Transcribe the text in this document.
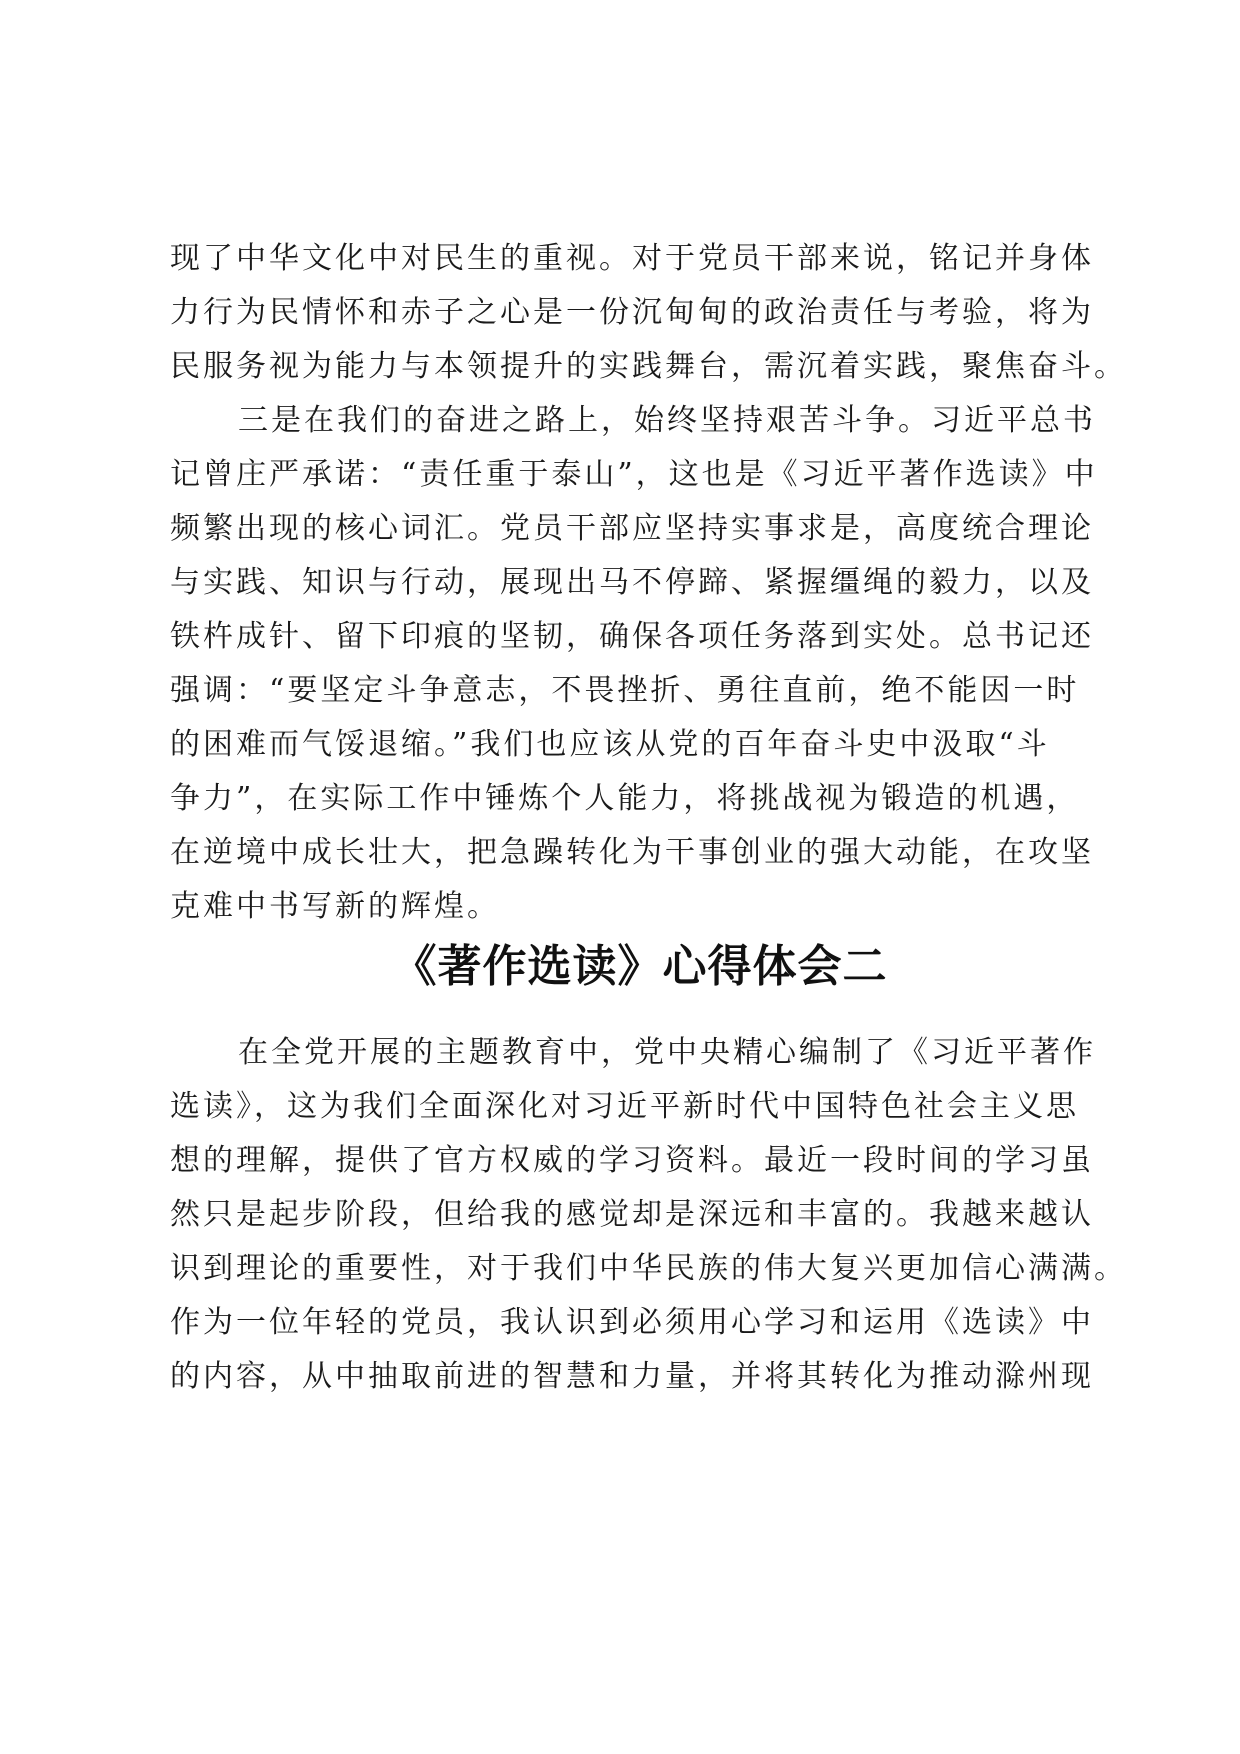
现了中华文化中对民生的重视。对于党员干部来说，铭记并身体
力行为民情怀和赤子之心是一份沉甸甸的政治责任与考验，将为
民服务视为能力与本领提升的实践舞台，需沉着实践，聚焦奋斗。
三是在我们的奋进之路上，始终坚持艰苦斗争。习近平总书
记曾庄严承诺：“责任重于泰山”，这也是《习近平著作选读》中
频繁出现的核心词汇。党员干部应坚持实事求是，高度统合理论
与实践、知识与行动，展现出马不停蹄、紧握缰绳的毅力，以及
铁杵成针、留下印痕的坚韧，确保各项任务落到实处。总书记还
强调：“要坚定斗争意志，不畏挫折、勇往直前，绝不能因一时
的困难而气馁退缩。”我们也应该从党的百年奋斗史中汲取“斗
争力”，在实际工作中锤炼个人能力，将挑战视为锻造的机遇，
在逆境中成长壮大，把急躁转化为干事创业的强大动能，在攻坚
克难中书写新的辉煌。
《著作选读》心得体会二
在全党开展的主题教育中，党中央精心编制了《习近平著作
选读》，这为我们全面深化对习近平新时代中国特色社会主义思
想的理解，提供了官方权威的学习资料。最近一段时间的学习虽
然只是起步阶段，但给我的感觉却是深远和丰富的。我越来越认
识到理论的重要性，对于我们中华民族的伟大复兴更加信心满满。
作为一位年轻的党员，我认识到必须用心学习和运用《选读》中
的内容，从中抽取前进的智慧和力量，并将其转化为推动滁州现
